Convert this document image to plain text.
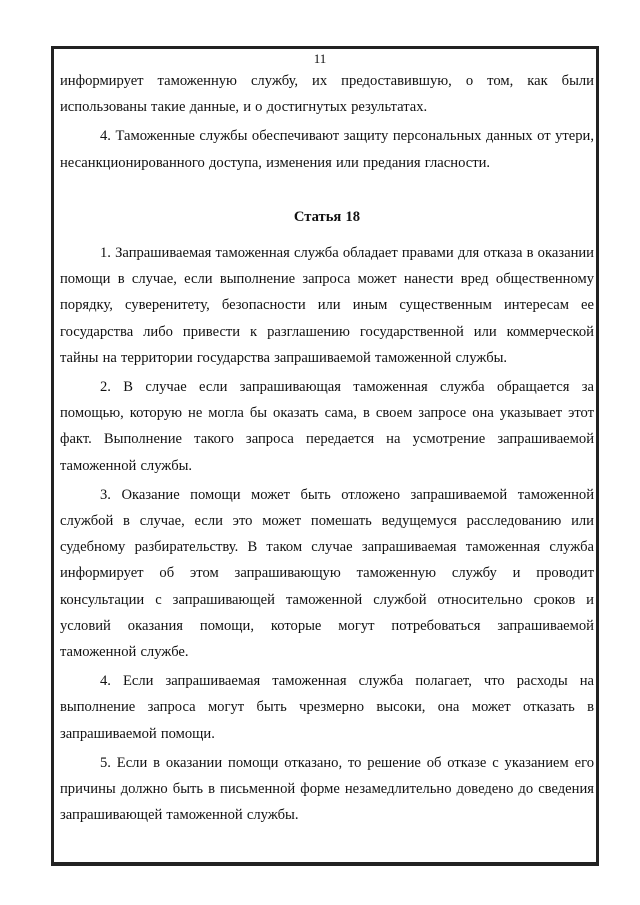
11

информирует таможенную службу, их предоставившую, о том, как были использованы такие данные, и о достигнутых результатах.

4. Таможенные службы обеспечивают защиту персональных данных от утери, несанкционированного доступа, изменения или предания гласности.

Статья 18

1. Запрашиваемая таможенная служба обладает правами для отказа в оказании помощи в случае, если выполнение запроса может нанести вред общественному порядку, суверенитету, безопасности или иным существенным интересам ее государства либо привести к разглашению государственной или коммерческой тайны на территории государства запрашиваемой таможенной службы.

2. В случае если запрашивающая таможенная служба обращается за помощью, которую не могла бы оказать сама, в своем запросе она указывает этот факт. Выполнение такого запроса передается на усмотрение запрашиваемой таможенной службы.

3. Оказание помощи может быть отложено запрашиваемой таможенной службой в случае, если это может помешать ведущемуся расследованию или судебному разбирательству. В таком случае запрашиваемая таможенная служба информирует об этом запрашивающую таможенную службу и проводит консультации с запрашивающей таможенной службой относительно сроков и условий оказания помощи, которые могут потребоваться запрашиваемой таможенной службе.

4. Если запрашиваемая таможенная служба полагает, что расходы на выполнение запроса могут быть чрезмерно высоки, она может отказать в запрашиваемой помощи.

5. Если в оказании помощи отказано, то решение об отказе с указанием его причины должно быть в письменной форме незамедлительно доведено до сведения запрашивающей таможенной службы.
